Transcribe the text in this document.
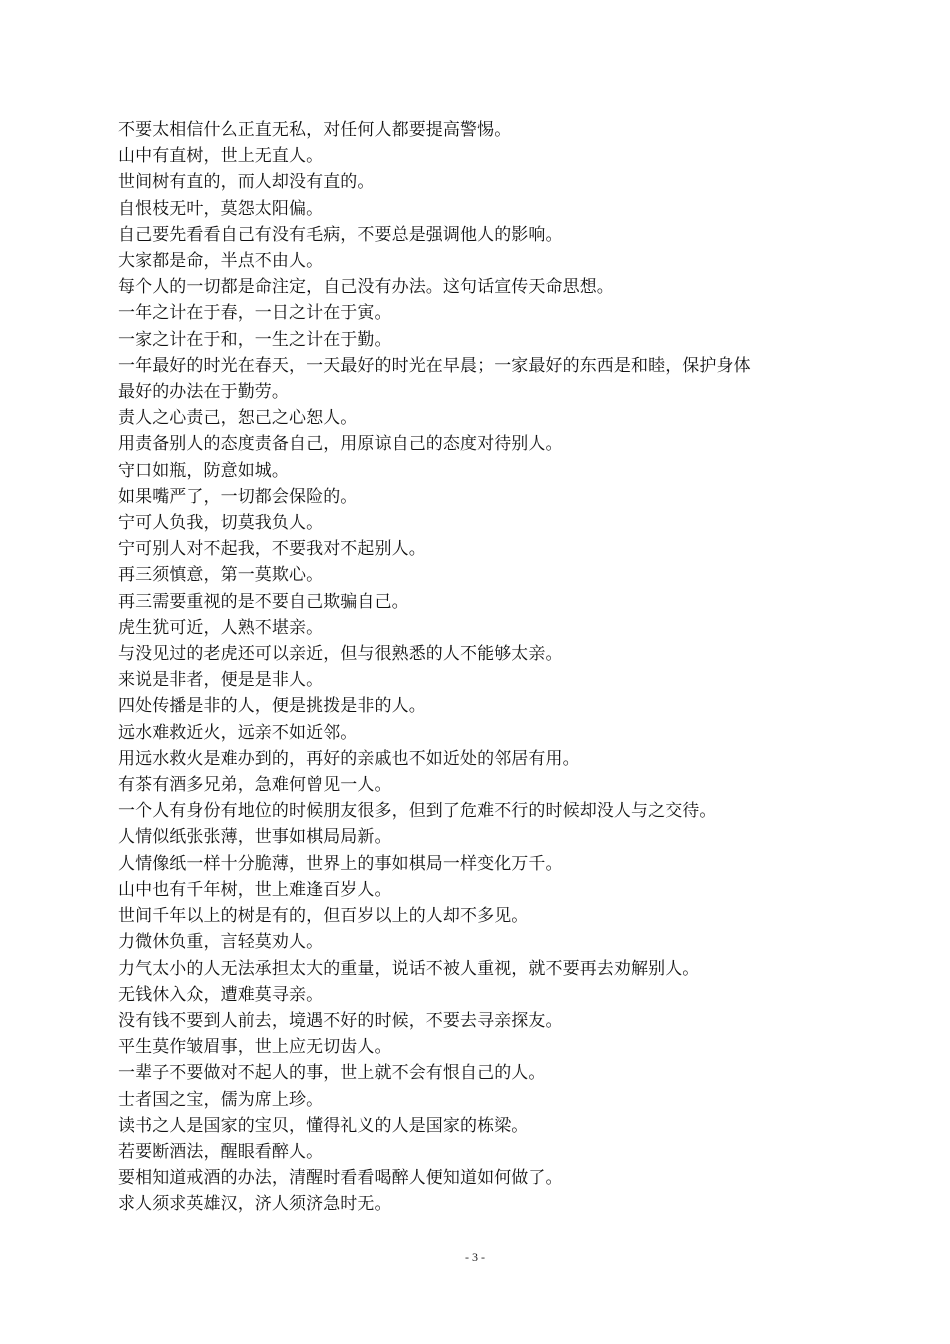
不要太相信什么正直无私，对任何人都要提高警惕。
山中有直树，世上无直人。
世间树有直的，而人却没有直的。
自恨枝无叶，莫怨太阳偏。
自己要先看看自己有没有毛病，不要总是强调他人的影响。
大家都是命，半点不由人。
每个人的一切都是命注定，自己没有办法。这句话宣传天命思想。
一年之计在于春，一日之计在于寅。
一家之计在于和，一生之计在于勤。
一年最好的时光在春天，一天最好的时光在早晨；一家最好的东西是和睦，保护身体
最好的办法在于勤劳。
责人之心责己，恕己之心恕人。
用责备别人的态度责备自己，用原谅自己的态度对待别人。
守口如瓶，防意如城。
如果嘴严了，一切都会保险的。
宁可人负我，切莫我负人。
宁可别人对不起我，不要我对不起别人。
再三须慎意，第一莫欺心。
再三需要重视的是不要自己欺骗自己。
虎生犹可近，人熟不堪亲。
与没见过的老虎还可以亲近，但与很熟悉的人不能够太亲。
来说是非者，便是是非人。
四处传播是非的人，便是挑拨是非的人。
远水难救近火，远亲不如近邻。
用远水救火是难办到的，再好的亲戚也不如近处的邻居有用。
有茶有酒多兄弟，急难何曾见一人。
一个人有身份有地位的时候朋友很多，但到了危难不行的时候却没人与之交待。
人情似纸张张薄，世事如棋局局新。
人情像纸一样十分脆薄，世界上的事如棋局一样变化万千。
山中也有千年树，世上难逢百岁人。
世间千年以上的树是有的，但百岁以上的人却不多见。
力微休负重，言轻莫劝人。
力气太小的人无法承担太大的重量，说话不被人重视，就不要再去劝解别人。
无钱休入众，遭难莫寻亲。
没有钱不要到人前去，境遇不好的时候，不要去寻亲探友。
平生莫作皱眉事，世上应无切齿人。
一辈子不要做对不起人的事，世上就不会有恨自己的人。
士者国之宝，儒为席上珍。
读书之人是国家的宝贝，懂得礼义的人是国家的栋梁。
若要断酒法，醒眼看醉人。
要相知道戒酒的办法，清醒时看看喝醉人便知道如何做了。
求人须求英雄汉，济人须济急时无。
- 3 -
